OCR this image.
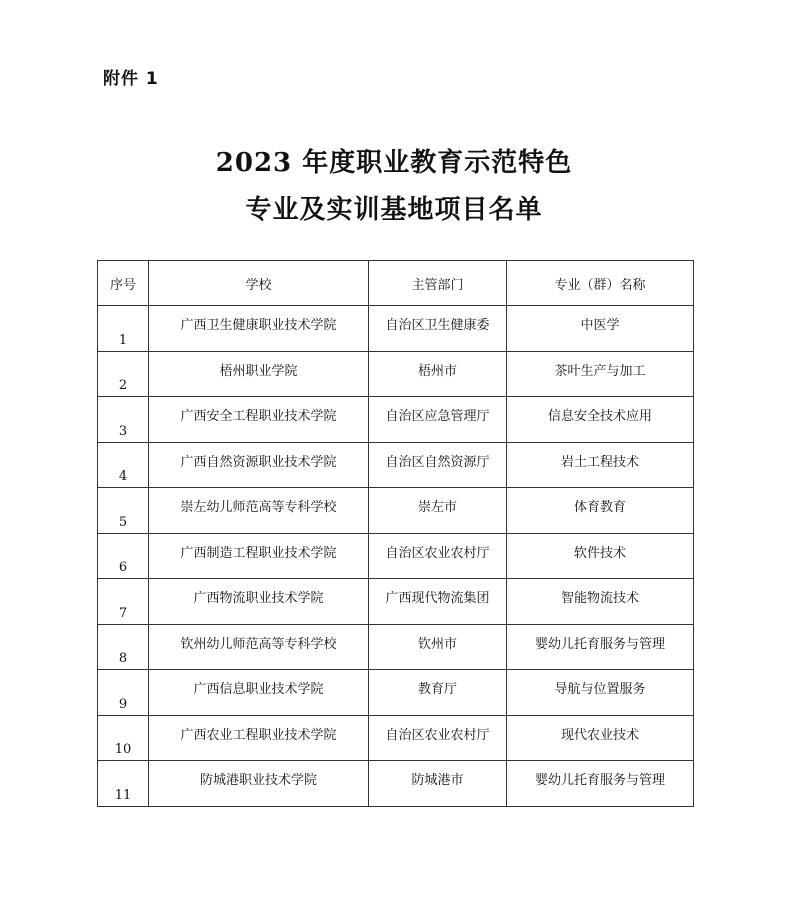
附件 1
2023 年度职业教育示范特色
专业及实训基地项目名单
序号	学校	主管部门	专业（群）名称
1	广西卫生健康职业技术学院	自治区卫生健康委	中医学
2	梧州职业学院	梧州市	茶叶生产与加工
3	广西安全工程职业技术学院	自治区应急管理厅	信息安全技术应用
4	广西自然资源职业技术学院	自治区自然资源厅	岩土工程技术
5	崇左幼儿师范高等专科学校	崇左市	体育教育
6	广西制造工程职业技术学院	自治区农业农村厅	软件技术
7	广西物流职业技术学院	广西现代物流集团	智能物流技术
8	钦州幼儿师范高等专科学校	钦州市	婴幼儿托育服务与管理
9	广西信息职业技术学院	教育厅	导航与位置服务
10	广西农业工程职业技术学院	自治区农业农村厅	现代农业技术
11	防城港职业技术学院	防城港市	婴幼儿托育服务与管理
